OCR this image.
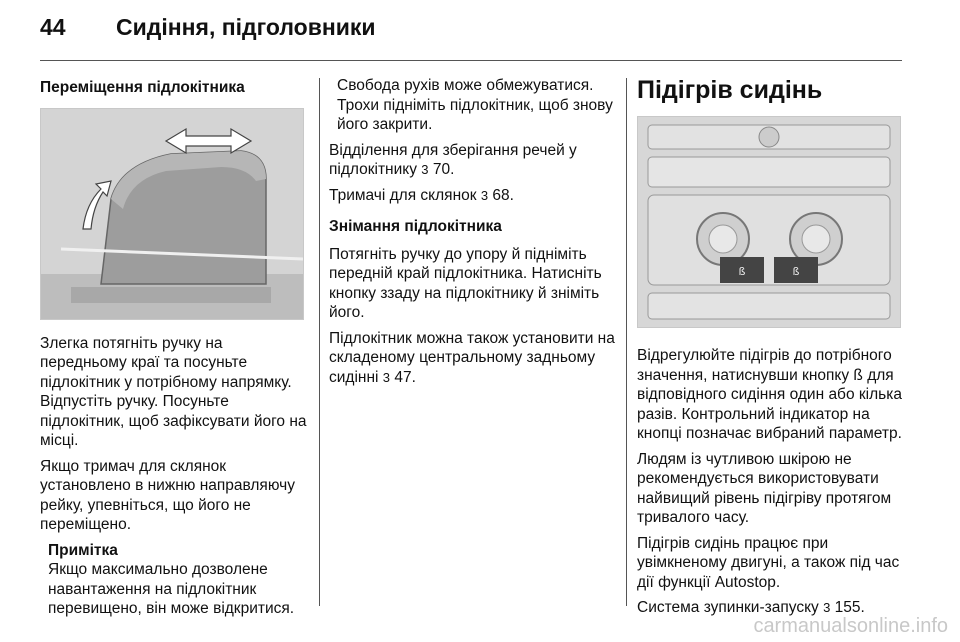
44 Сидіння, підголовники
Переміщення підлокітника

Злегка потягніть ручку на передньому краї та посуньте підлокітник у потрібному напрямку. Відпустіть ручку. Посуньте підлокітник, щоб зафіксувати його на місці.

Якщо тримач для склянок установлено в нижню направляючу рейку, упевніться, що його не переміщено.

Примітка
Якщо максимально дозволене навантаження на підлокітник перевищено, він може відкритися.

Свобода рухів може обмежуватися. Трохи підніміть підлокітник, щоб знову його закрити.

Відділення для зберігання речей у підлокітнику 3 70.

Тримачі для склянок 3 68.

Знімання підлокітника

Потягніть ручку до упору й підніміть передній край підлокітника. Натисніть кнопку ззаду на підлокітнику й зніміть його.

Підлокітник можна також установити на складеному центральному задньому сидінні 3 47.

Підігрів сидінь
ß	ß

Відрегулюйте підігрів до потрібного значення, натиснувши кнопку ß для відповідного сидіння один або кілька разів. Контрольний індикатор на кнопці позначає вибраний параметр.

Людям із чутливою шкірою не рекомендується використовувати найвищий рівень підігріву протягом тривалого часу.

Підігрів сидінь працює при увімкненому двигуні, а також під час дії функції Autostop.

Система зупинки-запуску 3 155.

carmanualsonline.info
